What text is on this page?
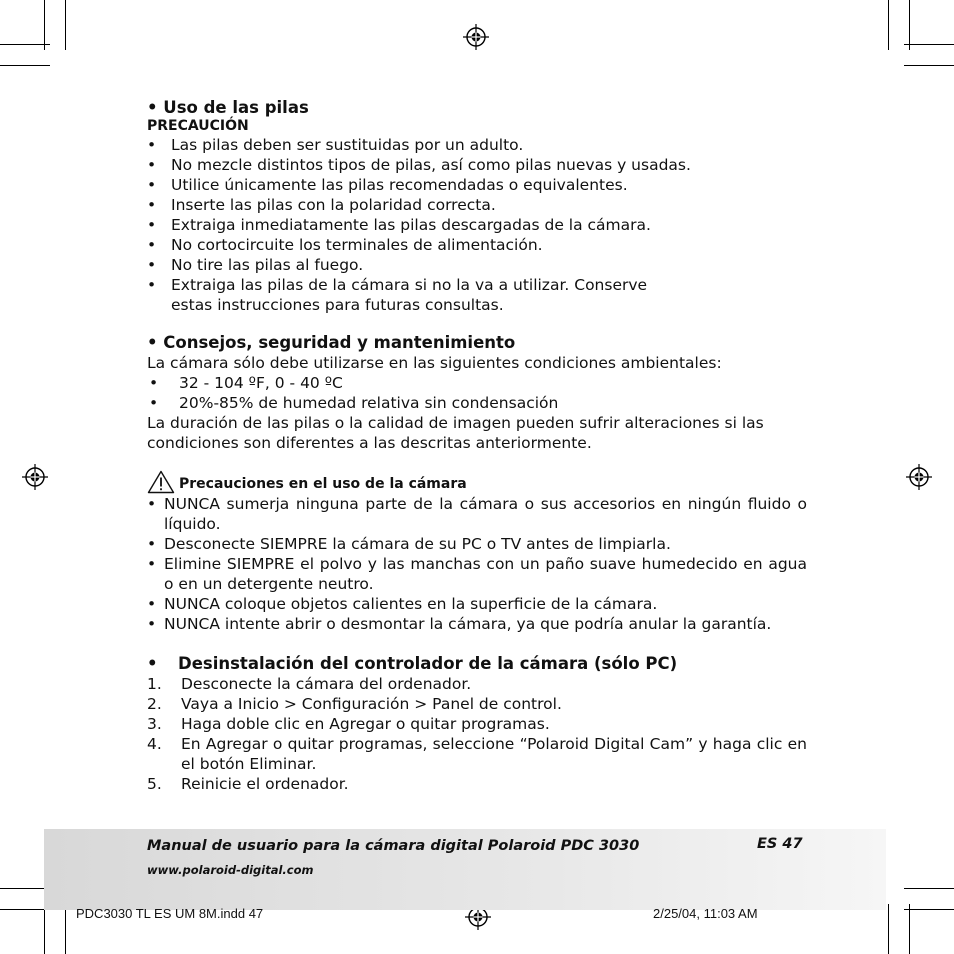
• Uso de las pilas
PRECAUCIÓN
• Las pilas deben ser sustituidas por un adulto.
• No mezcle distintos tipos de pilas, así como pilas nuevas y usadas.
• Utilice únicamente las pilas recomendadas o equivalentes.
• Inserte las pilas con la polaridad correcta.
• Extraiga inmediatamente las pilas descargadas de la cámara.
• No cortocircuite los terminales de alimentación.
• No tire las pilas al fuego.
• Extraiga las pilas de la cámara si no la va a utilizar. Conserve estas instrucciones para futuras consultas.
• Consejos, seguridad y mantenimiento
La cámara sólo debe utilizarse en las siguientes condiciones ambientales:
• 32 - 104 ºF, 0 - 40 ºC
• 20%-85% de humedad relativa sin condensación
La duración de las pilas o la calidad de imagen pueden sufrir alteraciones si las condiciones son diferentes a las descritas anteriormente.
Precauciones en el uso de la cámara
• NUNCA sumerja ninguna parte de la cámara o sus accesorios en ningún fluido o líquido.
• Desconecte SIEMPRE la cámara de su PC o TV antes de limpiarla.
• Elimine SIEMPRE el polvo y las manchas con un paño suave humedecido en agua o en un detergente neutro.
• NUNCA coloque objetos calientes en la superficie de la cámara.
• NUNCA intente abrir o desmontar la cámara, ya que podría anular la garantía.
• Desinstalación del controlador de la cámara (sólo PC)
1. Desconecte la cámara del ordenador.
2. Vaya a Inicio > Configuración > Panel de control.
3. Haga doble clic en Agregar o quitar programas.
4. En Agregar o quitar programas, seleccione “Polaroid Digital Cam” y haga clic en el botón Eliminar.
5. Reinicie el ordenador.
Manual de usuario para la cámara digital Polaroid PDC 3030	ES 47
www.polaroid-digital.com
PDC3030 TL ES UM 8M.indd 47	2/25/04, 11:03 AM
